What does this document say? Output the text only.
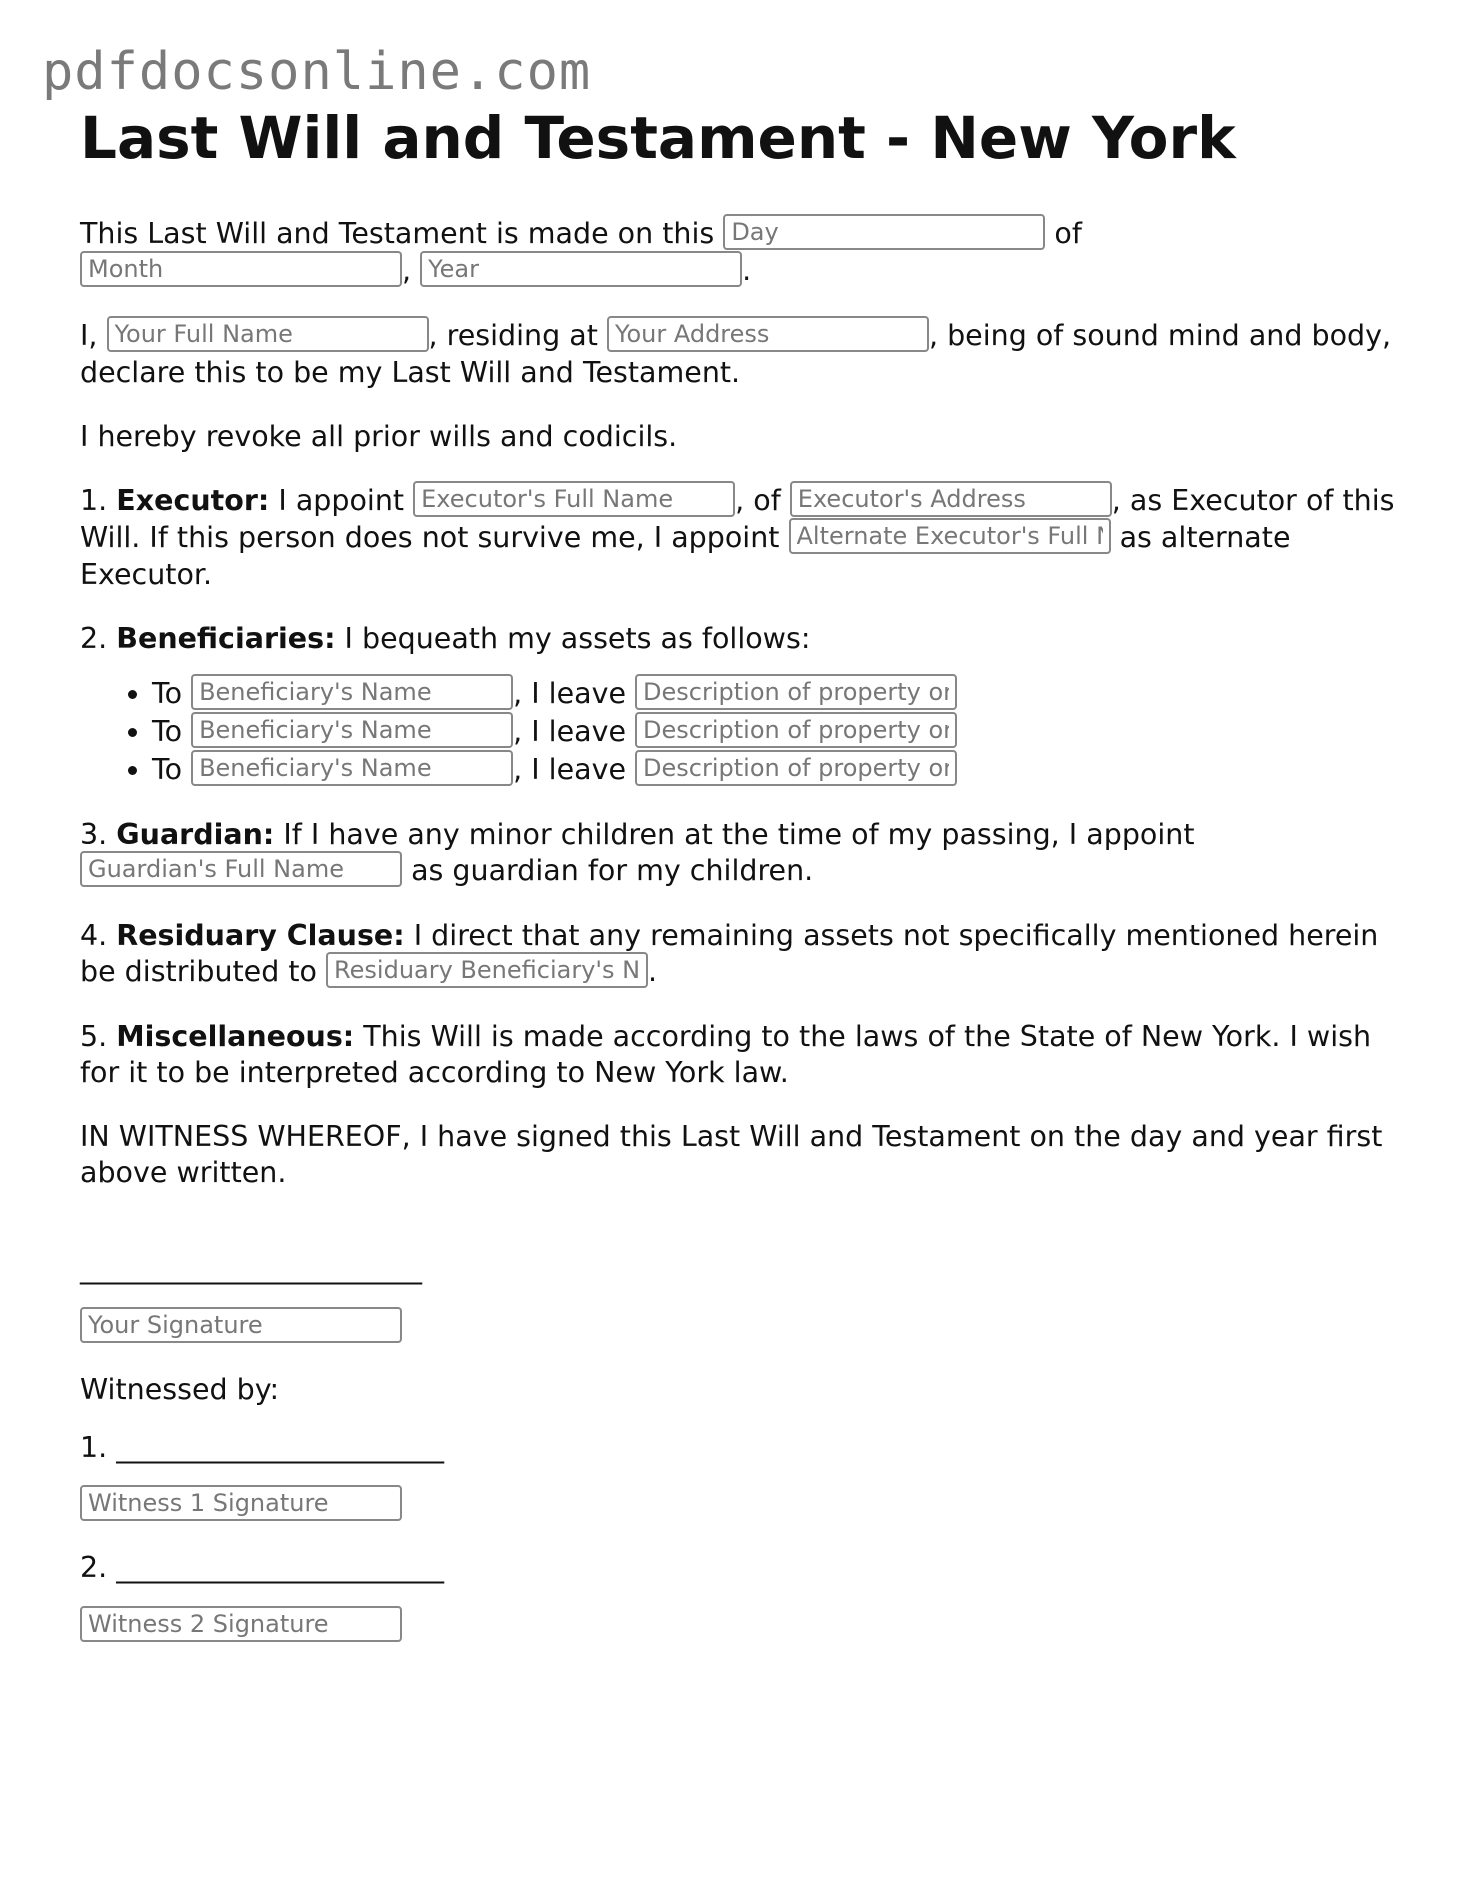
pdfdocsonline.com
Last Will and Testament - New York

This Last Will and Testament is made on this Day	of
Month, Year	.

I, Your Full Name	, residing at Your Address	, being of sound mind and body, declare this to be my Last Will and Testament.

I hereby revoke all prior wills and codicils.

1. Executor: I appoint Executor's Full Name	, of Executor's Address	, as Executor of this Will. If this person does not survive me, I appoint Alternate Executor's Full Name	as alternate Executor.

2. Beneficiaries: I bequeath my assets as follows:

• To Beneficiary's Name	, I leave Description of property or assets
• To Beneficiary's Name	, I leave Description of property or assets
• To Beneficiary's Name	, I leave Description of property or assets

3. Guardian: If I have any minor children at the time of my passing, I appoint Guardian's Full Name as guardian for my children.

4. Residuary Clause: I direct that any remaining assets not specifically mentioned herein be distributed to Residuary Beneficiary's Name	.

5. Miscellaneous: This Will is made according to the laws of the State of New York. I wish for it to be interpreted according to New York law.

IN WITNESS WHEREOF, I have signed this Last Will and Testament on the day and year first above written.

________________________
Your Signature

Witnessed by:

1. _______________________
Witness 1 Signature
2. _______________________
Witness 2 Signature
